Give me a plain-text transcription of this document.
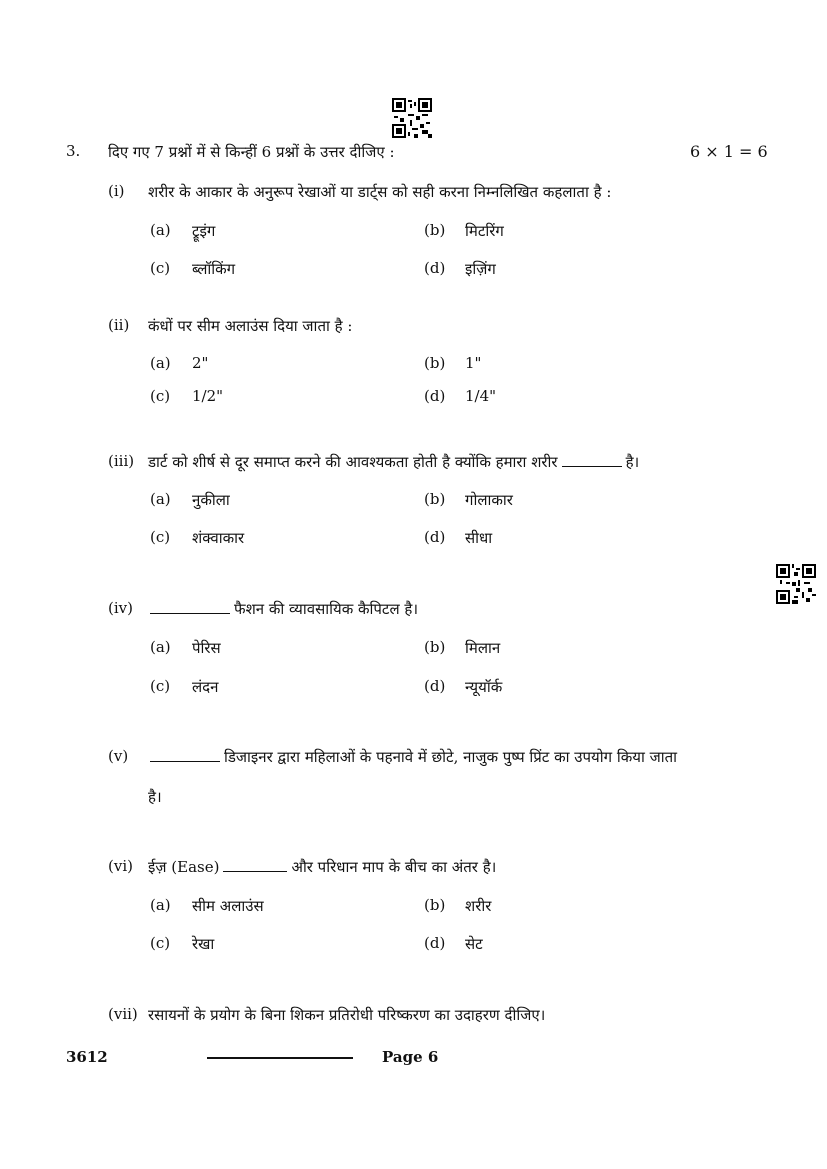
3. दिए गए 7 प्रश्नों में से किन्हीं 6 प्रश्नों के उत्तर दीजिए :	6 × 1 = 6
(i) शरीर के आकार के अनुरूप रेखाओं या डार्ट्स को सही करना निम्नलिखित कहलाता है :
(a) ट्रूइंग	(b) मिटरिंग
(c) ब्लॉकिंग	(d) इज़िंग
(ii) कंधों पर सीम अलाउंस दिया जाता है :
(a) 2"	(b) 1"
(c) 1/2"	(d) 1/4"
(iii) डार्ट को शीर्ष से दूर समाप्त करने की आवश्यकता होती है क्योंकि हमारा शरीर	है।
(a) नुकीला	(b) गोलाकार
(c) शंक्वाकार	(d) सीधा
(iv)	फैशन की व्यावसायिक कैपिटल है।
(a) पेरिस	(b) मिलान
(c) लंदन	(d) न्यूयॉर्क
(v)	डिजाइनर द्वारा महिलाओं के पहनावे में छोटे, नाजुक पुष्प प्रिंट का उपयोग किया जाता
है।
(vi) ईज़ (Ease)	और परिधान माप के बीच का अंतर है।
(a) सीम अलाउंस	(b) शरीर
(c) रेखा	(d) सेट
(vii) रसायनों के प्रयोग के बिना शिकन प्रतिरोधी परिष्करण का उदाहरण दीजिए।
3612	Page 6
